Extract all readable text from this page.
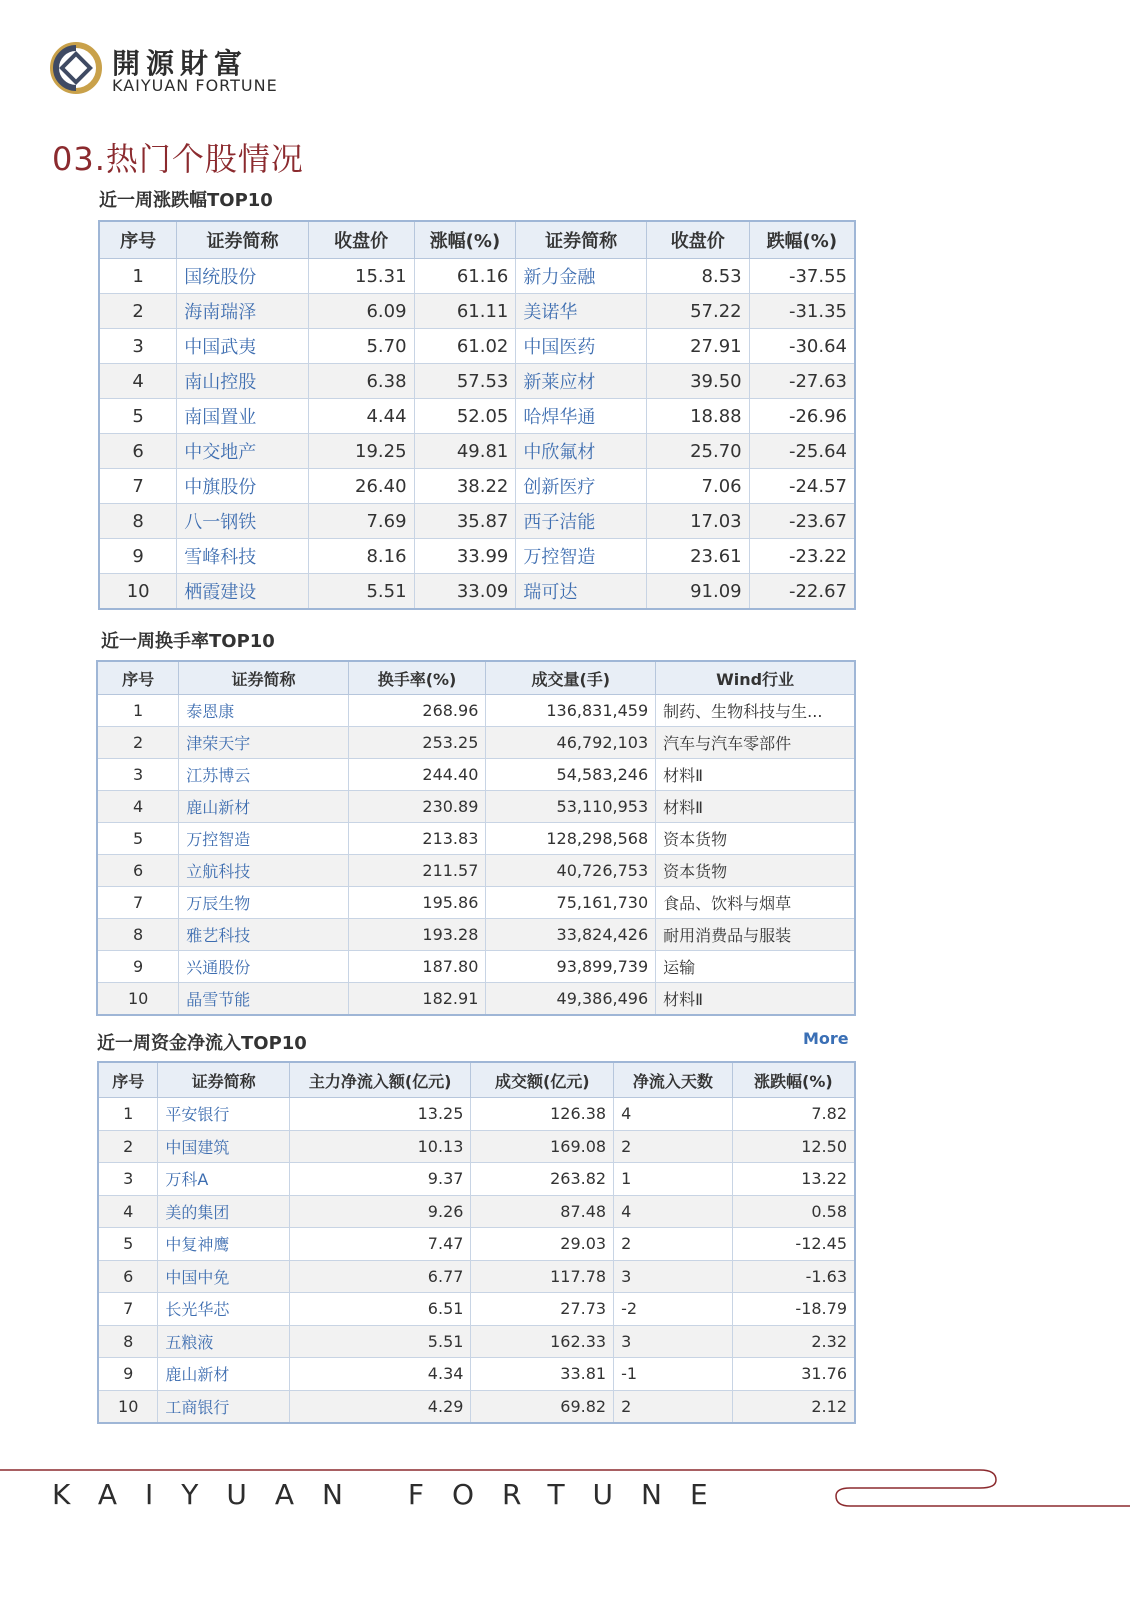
開源財富
KAIYUAN FORTUNE
03.热门个股情况
近一周涨跌幅TOP10
序号	证券简称	收盘价	涨幅(%)	证券简称	收盘价	跌幅(%)
1	国统股份	15.31	61.16	新力金融	8.53	-37.55
2	海南瑞泽	6.09	61.11	美诺华	57.22	-31.35
3	中国武夷	5.70	61.02	中国医药	27.91	-30.64
4	南山控股	6.38	57.53	新莱应材	39.50	-27.63
5	南国置业	4.44	52.05	哈焊华通	18.88	-26.96
6	中交地产	19.25	49.81	中欣氟材	25.70	-25.64
7	中旗股份	26.40	38.22	创新医疗	7.06	-24.57
8	八一钢铁	7.69	35.87	西子洁能	17.03	-23.67
9	雪峰科技	8.16	33.99	万控智造	23.61	-23.22
10	栖霞建设	5.51	33.09	瑞可达	91.09	-22.67
近一周换手率TOP10
序号	证券简称	换手率(%)	成交量(手)	Wind行业
1	泰恩康	268.96	136,831,459	制药、生物科技与生...
2	津荣天宇	253.25	46,792,103	汽车与汽车零部件
3	江苏博云	244.40	54,583,246	材料Ⅱ
4	鹿山新材	230.89	53,110,953	材料Ⅱ
5	万控智造	213.83	128,298,568	资本货物
6	立航科技	211.57	40,726,753	资本货物
7	万辰生物	195.86	75,161,730	食品、饮料与烟草
8	雅艺科技	193.28	33,824,426	耐用消费品与服装
9	兴通股份	187.80	93,899,739	运输
10	晶雪节能	182.91	49,386,496	材料Ⅱ
近一周资金净流入TOP10	More
序号	证券简称	主力净流入额(亿元)	成交额(亿元)	净流入天数	涨跌幅(%)
1	平安银行	13.25	126.38	4	7.82
2	中国建筑	10.13	169.08	2	12.50
3	万科A	9.37	263.82	1	13.22
4	美的集团	9.26	87.48	4	0.58
5	中复神鹰	7.47	29.03	2	-12.45
6	中国中免	6.77	117.78	3	-1.63
7	长光华芯	6.51	27.73	-2	-18.79
8	五粮液	5.51	162.33	3	2.32
9	鹿山新材	4.34	33.81	-1	31.76
10	工商银行	4.29	69.82	2	2.12
KAIYUAN FORTUNE
